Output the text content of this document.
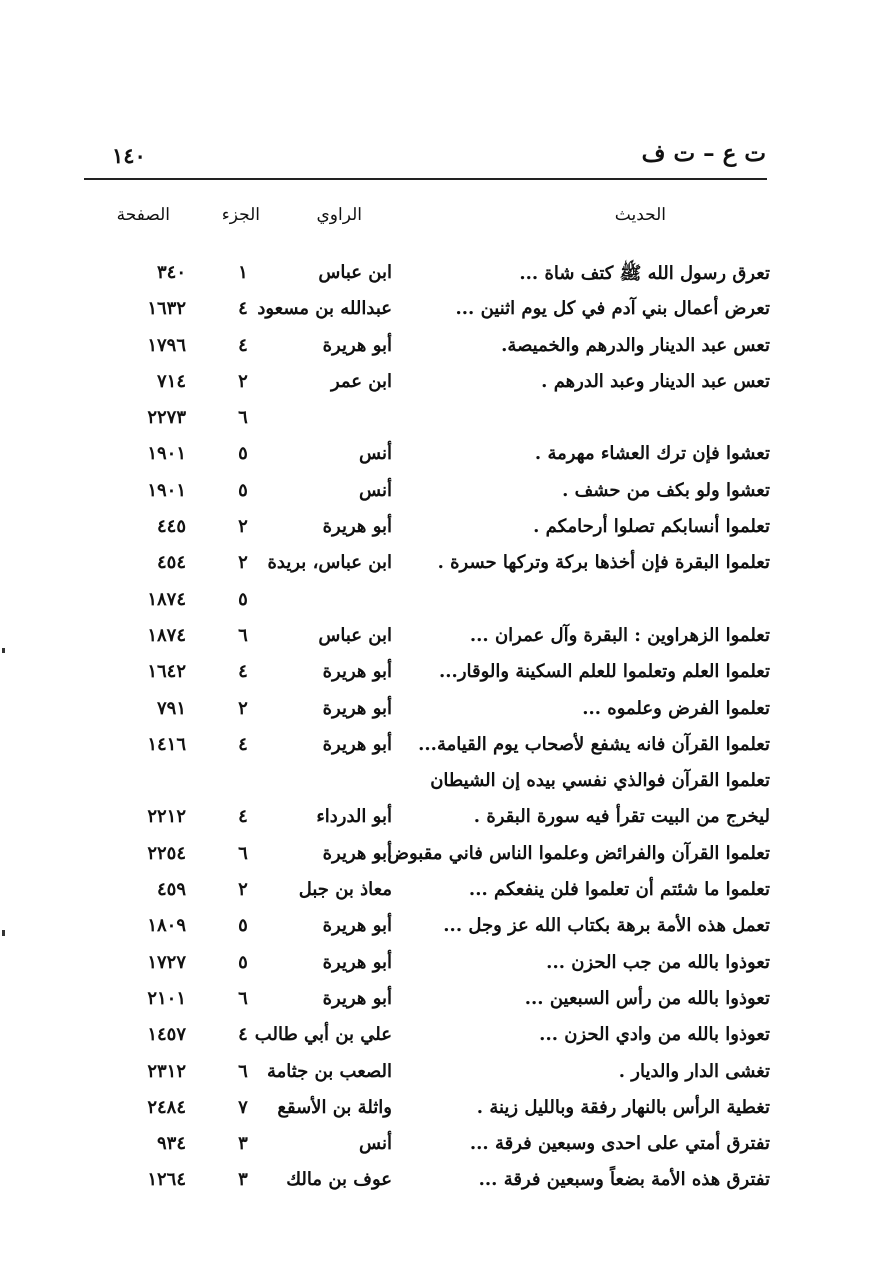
١٤٠	ت ع – ت ف
الحديث
الراوي
الجزء
الصفحة
تعرق رسول الله ﷺ كتف شاة ...
ابن عباس
١
٣٤٠
تعرض أعمال بني آدم في كل يوم اثنين ...
عبدالله بن مسعود
٤
١٦٣٢
تعس عبد الدينار والدرهم والخميصة.
أبو هريرة
٤
١٧٩٦
تعس عبد الدينار وعبد الدرهم .
ابن عمر
٢
٧١٤
٦
٢٢٧٣
تعشوا فإن ترك العشاء مهرمة .
أنس
٥
١٩٠١
تعشوا ولو بكف من حشف .
أنس
٥
١٩٠١
تعلموا أنسابكم تصلوا أرحامكم .
أبو هريرة
٢
٤٤٥
تعلموا البقرة فإن أخذها بركة وتركها حسرة .
ابن عباس، بريدة
٢
٤٥٤
٥
١٨٧٤
تعلموا الزهراوين : البقرة وآل عمران ...
ابن عباس
٦
١٨٧٤
تعلموا العلم وتعلموا للعلم السكينة والوقار...
أبو هريرة
٤
١٦٤٢
تعلموا الفرض وعلموه ...
أبو هريرة
٢
٧٩١
تعلموا القرآن فانه يشفع لأصحاب يوم القيامة...
أبو هريرة
٤
١٤١٦
تعلموا القرآن فوالذي نفسي بيده إن الشيطان
ليخرج من البيت تقرأ فيه سورة البقرة .
أبو الدرداء
٤
٢٢١٢
تعلموا القرآن والفرائض وعلموا الناس فاني مقبوض .
أبو هريرة
٦
٢٢٥٤
تعلموا ما شئتم أن تعلموا فلن ينفعكم ...
معاذ بن جبل
٢
٤٥٩
تعمل هذه الأمة برهة بكتاب الله عز وجل ...
أبو هريرة
٥
١٨٠٩
تعوذوا بالله من جب الحزن ...
أبو هريرة
٥
١٧٢٧
تعوذوا بالله من رأس السبعين ...
أبو هريرة
٦
٢١٠١
تعوذوا بالله من وادي الحزن ...
علي بن أبي طالب
٤
١٤٥٧
تغشى الدار والديار .
الصعب بن جثامة
٦
٢٣١٢
تغطية الرأس بالنهار رفقة وبالليل زينة .
واثلة بن الأسقع
٧
٢٤٨٤
تفترق أمتي على احدى وسبعين فرقة ...
أنس
٣
٩٣٤
تفترق هذه الأمة بضعاً وسبعين فرقة ...
عوف بن مالك
٣
١٢٦٤
